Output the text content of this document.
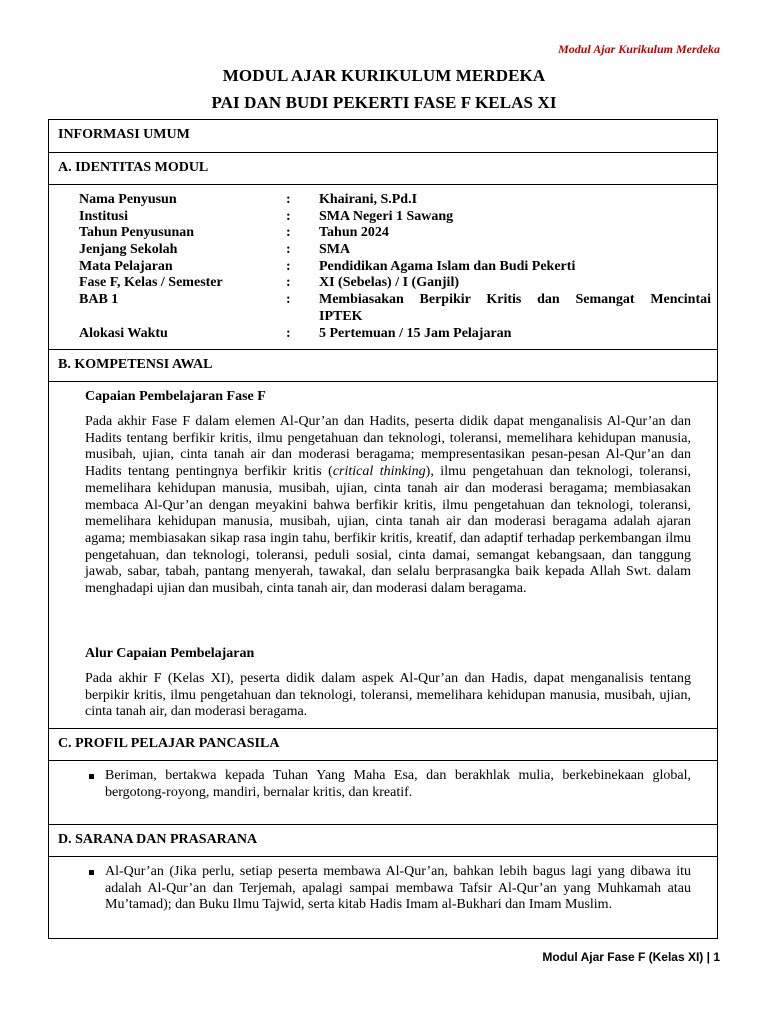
Modul Ajar Kurikulum Merdeka
MODUL AJAR KURIKULUM MERDEKA
PAI DAN BUDI PEKERTI FASE F KELAS XI
INFORMASI UMUM
A. IDENTITAS MODUL
Nama Penyusun	: Khairani, S.Pd.I
Institusi	: SMA Negeri 1 Sawang
Tahun Penyusunan	: Tahun 2024
Jenjang Sekolah	: SMA
Mata Pelajaran	: Pendidikan Agama Islam dan Budi Pekerti
Fase F, Kelas / Semester	: XI (Sebelas) / I (Ganjil)
BAB 1	: Membiasakan Berpikir Kritis dan Semangat Mencintai
IPTEK
Alokasi Waktu	: 5 Pertemuan / 15 Jam Pelajaran
B. KOMPETENSI AWAL
Capaian Pembelajaran Fase F
Pada akhir Fase F dalam elemen Al-Qur’an dan Hadits, peserta didik dapat menganalisis Al-Qur’an dan Hadits tentang berfikir kritis, ilmu pengetahuan dan teknologi, toleransi, memelihara kehidupan manusia, musibah, ujian, cinta tanah air dan moderasi beragama; mempresentasikan pesan-pesan Al-Qur’an dan Hadits tentang pentingnya berfikir kritis (critical thinking), ilmu pengetahuan dan teknologi, toleransi, memelihara kehidupan manusia, musibah, ujian, cinta tanah air dan moderasi beragama; membiasakan membaca Al-Qur’an dengan meyakini bahwa berfikir kritis, ilmu pengetahuan dan teknologi, toleransi, memelihara kehidupan manusia, musibah, ujian, cinta tanah air dan moderasi beragama adalah ajaran agama; membiasakan sikap rasa ingin tahu, berfikir kritis, kreatif, dan adaptif terhadap perkembangan ilmu pengetahuan, dan teknologi, toleransi, peduli sosial, cinta damai, semangat kebangsaan, dan tanggung jawab, sabar, tabah, pantang menyerah, tawakal, dan selalu berprasangka baik kepada Allah Swt. dalam menghadapi ujian dan musibah, cinta tanah air, dan moderasi dalam beragama.
Alur Capaian Pembelajaran
Pada akhir F (Kelas XI), peserta didik dalam aspek Al-Qur’an dan Hadis, dapat menganalisis tentang berpikir kritis, ilmu pengetahuan dan teknologi, toleransi, memelihara kehidupan manusia, musibah, ujian, cinta tanah air, dan moderasi beragama.
C. PROFIL PELAJAR PANCASILA
Beriman, bertakwa kepada Tuhan Yang Maha Esa, dan berakhlak mulia, berkebinekaan global, bergotong-royong, mandiri, bernalar kritis, dan kreatif.
D. SARANA DAN PRASARANA
Al-Qur’an (Jika perlu, setiap peserta membawa Al-Qur’an, bahkan lebih bagus lagi yang dibawa itu adalah Al-Qur’an dan Terjemah, apalagi sampai membawa Tafsir Al-Qur’an yang Muhkamah atau Mu’tamad); dan Buku Ilmu Tajwid, serta kitab Hadis Imam al-Bukhari dan Imam Muslim.
Modul Ajar Fase F (Kelas XI) | 1
